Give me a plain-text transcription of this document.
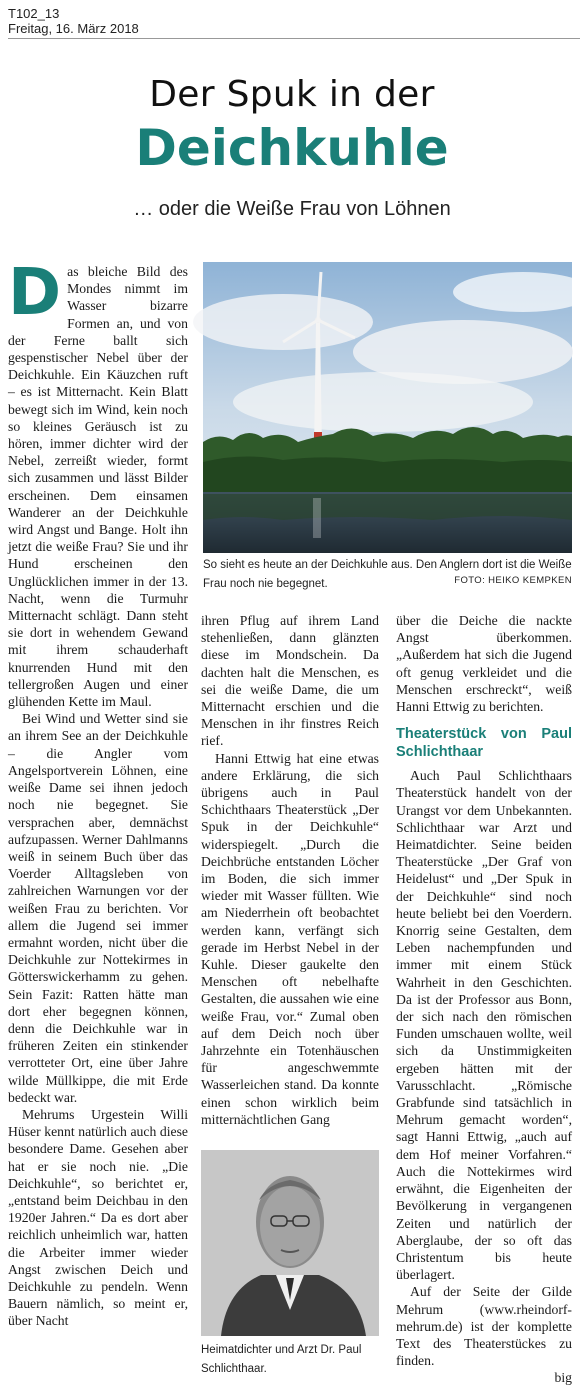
T102_13
Freitag, 16. März 2018
Der Spuk in der
Deichkuhle
… oder die Weiße Frau von Löhnen
D as bleiche Bild des Mondes nimmt im Wasser bizarre Formen an, und von der Ferne ballt sich gespenstischer Nebel über der Deichkuhle. Ein Käuzchen ruft – es ist Mitternacht. Kein Blatt bewegt sich im Wind, kein noch so kleines Geräusch ist zu hören, immer dichter wird der Nebel, zerreißt wieder, formt sich zusammen und lässt Bilder erscheinen. Dem einsamen Wanderer an der Deichkuhle wird Angst und Bange. Holt ihn jetzt die weiße Frau? Sie und ihr Hund erscheinen den Unglücklichen immer in der 13. Nacht, wenn die Turmuhr Mitternacht schlägt. Dann steht sie dort in wehendem Gewand mit ihrem schauderhaft knurrenden Hund mit den tellergroßen Augen und einer glühenden Kette im Maul.

Bei Wind und Wetter sind sie an ihrem See an der Deichkuhle – die Angler vom Angelsportverein Löhnen, eine weiße Dame sei ihnen jedoch noch nie begegnet. Sie versprachen aber, demnächst aufzupassen. Werner Dahlmanns weiß in seinem Buch über das Voerder Alltagsleben von zahlreichen Warnungen vor der weißen Frau zu berichten. Vor allem die Jugend sei immer ermahnt worden, nicht über die Deichkuhle zur Nottekirmes in Götterswickerhamm zu gehen. Sein Fazit: Ratten hätte man dort eher begegnen können, denn die Deichkuhle war in früheren Zeiten ein stinkender verrotteter Ort, eine über Jahre wilde Müllkippe, die mit Erde bedeckt war.

Mehrums Urgestein Willi Hüser kennt natürlich auch diese besondere Dame. Gesehen aber hat er sie noch nie. „Die Deichkuhle“, so berichtet er, „entstand beim Deichbau in den 1920er Jahren.“ Da es dort aber reichlich unheimlich war, hatten die Arbeiter immer wieder Angst zwischen Deich und Deichkuhle zu pendeln. Wenn Bauern nämlich, so meint er, über Nacht

So sieht es heute an der Deichkuhle aus. Den Anglern dort ist die Weiße Frau noch nie begegnet.	FOTO: HEIKO KEMPKEN

ihren Pflug auf ihrem Land stehenließen, dann glänzten diese im Mondschein. Da dachten halt die Menschen, es sei die weiße Dame, die um Mitternacht erschien und die Menschen in ihr finstres Reich rief.

Hanni Ettwig hat eine etwas andere Erklärung, die sich übrigens auch in Paul Schichthaars Theaterstück „Der Spuk in der Deichkuhle“ widerspiegelt. „Durch die Deichbrüche entstanden Löcher im Boden, die sich immer wieder mit Wasser füllten. Wie am Niederrhein oft beobachtet werden kann, verfängt sich gerade im Herbst Nebel in der Kuhle. Dieser gaukelte den Menschen oft nebelhafte Gestalten, die aussahen wie eine weiße Frau, vor.“ Zumal oben auf dem Deich noch über Jahrzehnte ein Totenhäuschen für angeschwemmte Wasserleichen stand. Da konnte einen schon wirklich beim mitternächtlichen Gang

Heimatdichter und Arzt Dr. Paul Schlichthaar.

über die Deiche die nackte Angst überkommen. „Außerdem hat sich die Jugend oft genug verkleidet und die Menschen erschreckt“, weiß Hanni Ettwig zu berichten.

Theaterstück von Paul Schlichthaar

Auch Paul Schlichthaars Theaterstück handelt von der Urangst vor dem Unbekannten. Schlichthaar war Arzt und Heimatdichter. Seine beiden Theaterstücke „Der Graf von Heidelust“ und „Der Spuk in der Deichkuhle“ sind noch heute beliebt bei den Voerdern. Knorrig seine Gestalten, dem Leben nachempfunden und immer mit einem Stück Wahrheit in den Geschichten. Da ist der Professor aus Bonn, der sich nach den römischen Funden umschauen wollte, weil sich da Unstimmigkeiten ergeben hätten mit der Varusschlacht. „Römische Grabfunde sind tatsächlich in Mehrum gemacht worden“, sagt Hanni Ettwig, „auch auf dem Hof meiner Vorfahren.“ Auch die Nottekirmes wird erwähnt, die Eigenheiten der Bevölkerung in vergangenen Zeiten und natürlich der Aberglaube, der so oft das Christentum bis heute überlagert.

Auf der Seite der Gilde Mehrum (www.rheindorf-mehrum.de) ist der komplette Text des Theaterstückes zu finden.

big
